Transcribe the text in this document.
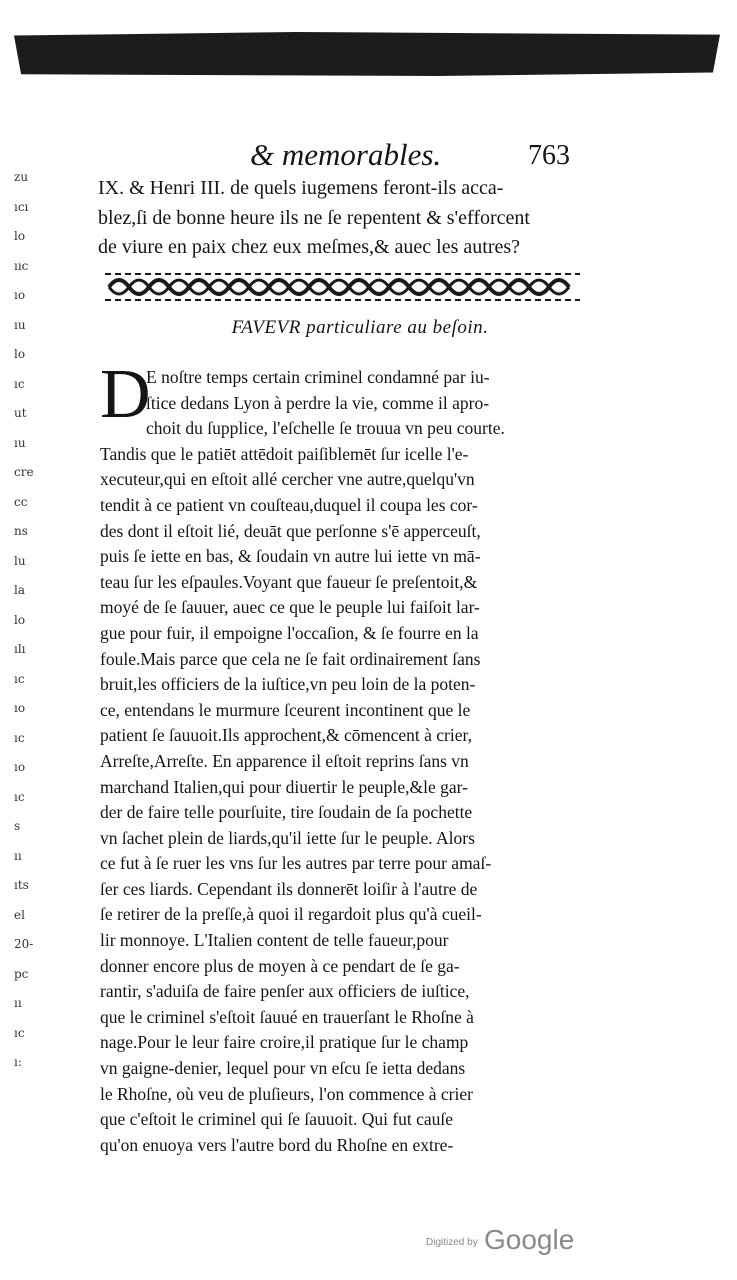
zu
ıcı
lo
ııc
ıo
ıu
lo
ıc
ut
ıu
cre
cc
ns
lu
la
lo
ılı
ıc
ıo
ıc
ıo
ıc
s
ıı
ıts
el
20-
pc
ıı
ıc
ı:
& memorables.	763
IX. & Henri III. de quels iugemens feront-ils acca-
blez,ſi de bonne heure ils ne ſe repentent & s'efforcent
de viure en paix chez eux meſmes,& auec les autres?
FAVEVR particuliare au beſoin.
D
E noſtre temps certain criminel condamné par iu-
ſtice dedans Lyon à perdre la vie, comme il apro-
choit du ſupplice, l'eſchelle ſe trouua vn peu courte.
Tandis que le patiēt attēdoit paiſiblemēt ſur icelle l'e-
xecuteur,qui en eſtoit allé cercher vne autre,quelqu'vn
tendit à ce patient vn couſteau,duquel il coupa les cor-
des dont il eſtoit lié, deuāt que perſonne s'ē apperceuſt,
puis ſe iette en bas, & ſoudain vn autre lui iette vn mā-
teau ſur les eſpaules.Voyant que faueur ſe preſentoit,&
moyé de ſe ſauuer, auec ce que le peuple lui faiſoit lar-
gue pour fuir, il empoigne l'occaſion, & ſe fourre en la
foule.Mais parce que cela ne ſe fait ordinairement ſans
bruit,les officiers de la iuſtice,vn peu loin de la poten-
ce, entendans le murmure ſceurent incontinent que le
patient ſe ſauuoit.Ils approchent,& cōmencent à crier,
Arreſte,Arreſte. En apparence il eſtoit reprins ſans vn
marchand Italien,qui pour diuertir le peuple,&le gar-
der de faire telle pourſuite, tire ſoudain de ſa pochette
vn ſachet plein de liards,qu'il iette ſur le peuple. Alors
ce fut à ſe ruer les vns ſur les autres par terre pour amaſ-
ſer ces liards. Cependant ils donnerēt loiſir à l'autre de
ſe retirer de la preſſe,à quoi il regardoit plus qu'à cueil-
lir monnoye. L'Italien content de telle faueur,pour
donner encore plus de moyen à ce pendart de ſe ga-
rantir, s'aduiſa de faire penſer aux officiers de iuſtice,
que le criminel s'eſtoit ſauué en trauerſant le Rhoſne à
nage.Pour le leur faire croire,il pratique ſur le champ
vn gaigne-denier, lequel pour vn eſcu ſe ietta dedans
le Rhoſne, où veu de pluſieurs, l'on commence à crier
que c'eſtoit le criminel qui ſe ſauuoit. Qui fut cauſe
qu'on enuoya vers l'autre bord du Rhoſne en extre-
Digitized by Google
